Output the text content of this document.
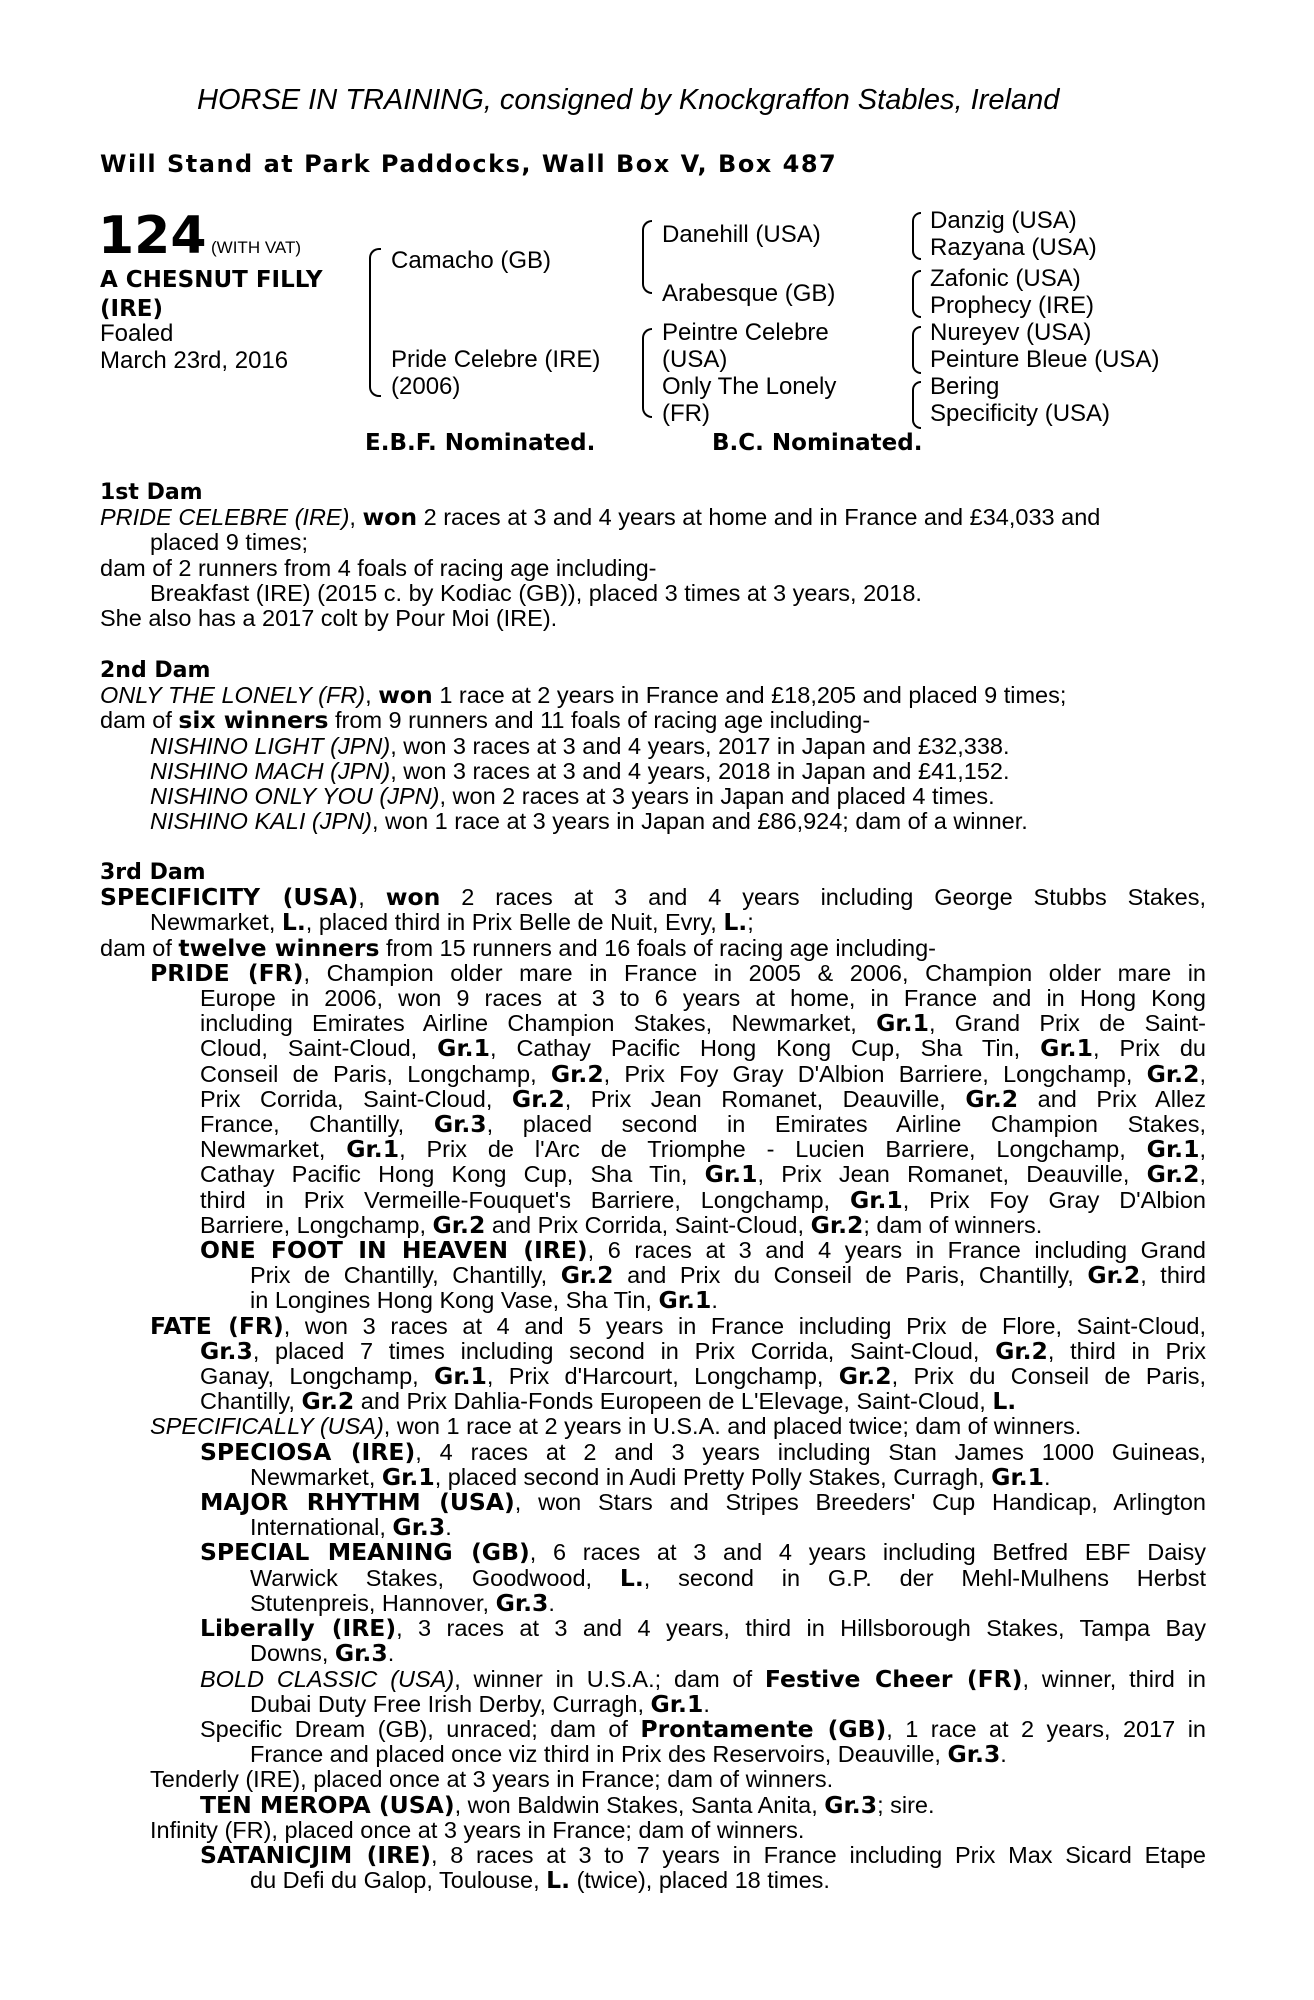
HORSE IN TRAINING, consigned by Knockgraffon Stables, Ireland
Will Stand at Park Paddocks, Wall Box V, Box 487
124 (WITH VAT)
A CHESNUT FILLY
(IRE)
Foaled
March 23rd, 2016
Camacho (GB)
Pride Celebre (IRE)
(2006)
Danehill (USA)
Arabesque (GB)
Peintre Celebre
(USA)
Only The Lonely
(FR)
Danzig (USA)
Razyana (USA)
Zafonic (USA)
Prophecy (IRE)
Nureyev (USA)
Peinture Bleue (USA)
Bering
Specificity (USA)
E.B.F. Nominated.	B.C. Nominated.
1st Dam
PRIDE CELEBRE (IRE), won 2 races at 3 and 4 years at home and in France and £34,033 and
placed 9 times;
dam of 2 runners from 4 foals of racing age including-
Breakfast (IRE) (2015 c. by Kodiac (GB)), placed 3 times at 3 years, 2018.
She also has a 2017 colt by Pour Moi (IRE).
2nd Dam
ONLY THE LONELY (FR), won 1 race at 2 years in France and £18,205 and placed 9 times;
dam of six winners from 9 runners and 11 foals of racing age including-
NISHINO LIGHT (JPN), won 3 races at 3 and 4 years, 2017 in Japan and £32,338.
NISHINO MACH (JPN), won 3 races at 3 and 4 years, 2018 in Japan and £41,152.
NISHINO ONLY YOU (JPN), won 2 races at 3 years in Japan and placed 4 times.
NISHINO KALI (JPN), won 1 race at 3 years in Japan and £86,924; dam of a winner.
3rd Dam
SPECIFICITY (USA), won 2 races at 3 and 4 years including George Stubbs Stakes,
Newmarket, L., placed third in Prix Belle de Nuit, Evry, L.;
dam of twelve winners from 15 runners and 16 foals of racing age including-
PRIDE (FR), Champion older mare in France in 2005 & 2006, Champion older mare in
Europe in 2006, won 9 races at 3 to 6 years at home, in France and in Hong Kong
including Emirates Airline Champion Stakes, Newmarket, Gr.1, Grand Prix de Saint-
Cloud, Saint-Cloud, Gr.1, Cathay Pacific Hong Kong Cup, Sha Tin, Gr.1, Prix du
Conseil de Paris, Longchamp, Gr.2, Prix Foy Gray D'Albion Barriere, Longchamp, Gr.2,
Prix Corrida, Saint-Cloud, Gr.2, Prix Jean Romanet, Deauville, Gr.2 and Prix Allez
France, Chantilly, Gr.3, placed second in Emirates Airline Champion Stakes,
Newmarket, Gr.1, Prix de l'Arc de Triomphe - Lucien Barriere, Longchamp, Gr.1,
Cathay Pacific Hong Kong Cup, Sha Tin, Gr.1, Prix Jean Romanet, Deauville, Gr.2,
third in Prix Vermeille-Fouquet's Barriere, Longchamp, Gr.1, Prix Foy Gray D'Albion
Barriere, Longchamp, Gr.2 and Prix Corrida, Saint-Cloud, Gr.2; dam of winners.
ONE FOOT IN HEAVEN (IRE), 6 races at 3 and 4 years in France including Grand
Prix de Chantilly, Chantilly, Gr.2 and Prix du Conseil de Paris, Chantilly, Gr.2, third
in Longines Hong Kong Vase, Sha Tin, Gr.1.
FATE (FR), won 3 races at 4 and 5 years in France including Prix de Flore, Saint-Cloud,
Gr.3, placed 7 times including second in Prix Corrida, Saint-Cloud, Gr.2, third in Prix
Ganay, Longchamp, Gr.1, Prix d'Harcourt, Longchamp, Gr.2, Prix du Conseil de Paris,
Chantilly, Gr.2 and Prix Dahlia-Fonds Europeen de L'Elevage, Saint-Cloud, L.
SPECIFICALLY (USA), won 1 race at 2 years in U.S.A. and placed twice; dam of winners.
SPECIOSA (IRE), 4 races at 2 and 3 years including Stan James 1000 Guineas,
Newmarket, Gr.1, placed second in Audi Pretty Polly Stakes, Curragh, Gr.1.
MAJOR RHYTHM (USA), won Stars and Stripes Breeders' Cup Handicap, Arlington
International, Gr.3.
SPECIAL MEANING (GB), 6 races at 3 and 4 years including Betfred EBF Daisy
Warwick Stakes, Goodwood, L., second in G.P. der Mehl-Mulhens Herbst
Stutenpreis, Hannover, Gr.3.
Liberally (IRE), 3 races at 3 and 4 years, third in Hillsborough Stakes, Tampa Bay
Downs, Gr.3.
BOLD CLASSIC (USA), winner in U.S.A.; dam of Festive Cheer (FR), winner, third in
Dubai Duty Free Irish Derby, Curragh, Gr.1.
Specific Dream (GB), unraced; dam of Prontamente (GB), 1 race at 2 years, 2017 in
France and placed once viz third in Prix des Reservoirs, Deauville, Gr.3.
Tenderly (IRE), placed once at 3 years in France; dam of winners.
TEN MEROPA (USA), won Baldwin Stakes, Santa Anita, Gr.3; sire.
Infinity (FR), placed once at 3 years in France; dam of winners.
SATANICJIM (IRE), 8 races at 3 to 7 years in France including Prix Max Sicard Etape
du Defi du Galop, Toulouse, L. (twice), placed 18 times.
